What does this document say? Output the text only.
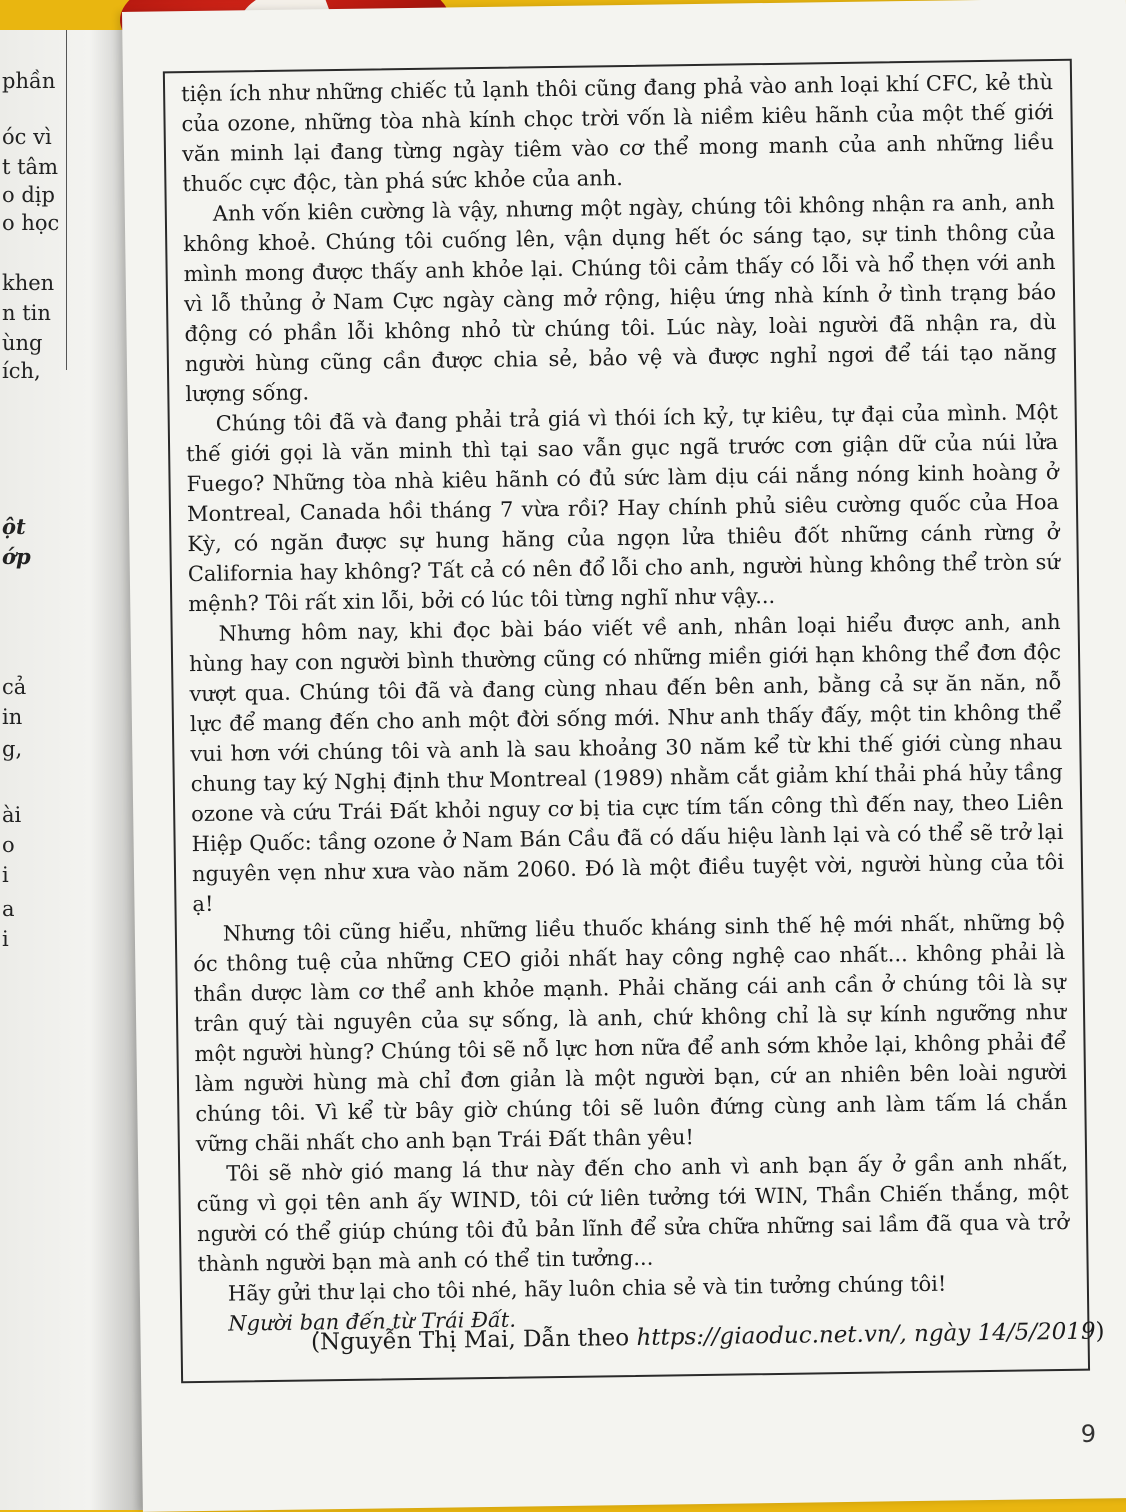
phần
óc vì
t tâm
o dịp
o học
khen
n tin
ùng
ích,
ột
ớp
cả
in
g,
ài
o
i
a
i

tiện ích như những chiếc tủ lạnh thôi cũng đang phả vào anh loại khí CFC, kẻ thù của ozone, những tòa nhà kính chọc trời vốn là niềm kiêu hãnh của một thế giới văn minh lại đang từng ngày tiêm vào cơ thể mong manh của anh những liều thuốc cực độc, tàn phá sức khỏe của anh.

Anh vốn kiên cường là vậy, nhưng một ngày, chúng tôi không nhận ra anh, anh không khoẻ. Chúng tôi cuống lên, vận dụng hết óc sáng tạo, sự tinh thông của mình mong được thấy anh khỏe lại. Chúng tôi cảm thấy có lỗi và hổ thẹn với anh vì lỗ thủng ở Nam Cực ngày càng mở rộng, hiệu ứng nhà kính ở tình trạng báo động có phần lỗi không nhỏ từ chúng tôi. Lúc này, loài người đã nhận ra, dù người hùng cũng cần được chia sẻ, bảo vệ và được nghỉ ngơi để tái tạo năng lượng sống.

Chúng tôi đã và đang phải trả giá vì thói ích kỷ, tự kiêu, tự đại của mình. Một thế giới gọi là văn minh thì tại sao vẫn gục ngã trước cơn giận dữ của núi lửa Fuego? Những tòa nhà kiêu hãnh có đủ sức làm dịu cái nắng nóng kinh hoàng ở Montreal, Canada hồi tháng 7 vừa rồi? Hay chính phủ siêu cường quốc của Hoa Kỳ, có ngăn được sự hung hăng của ngọn lửa thiêu đốt những cánh rừng ở California hay không? Tất cả có nên đổ lỗi cho anh, người hùng không thể tròn sứ mệnh? Tôi rất xin lỗi, bởi có lúc tôi từng nghĩ như vậy...

Nhưng hôm nay, khi đọc bài báo viết về anh, nhân loại hiểu được anh, anh hùng hay con người bình thường cũng có những miền giới hạn không thể đơn độc vượt qua. Chúng tôi đã và đang cùng nhau đến bên anh, bằng cả sự ăn năn, nỗ lực để mang đến cho anh một đời sống mới. Như anh thấy đấy, một tin không thể vui hơn với chúng tôi và anh là sau khoảng 30 năm kể từ khi thế giới cùng nhau chung tay ký Nghị định thư Montreal (1989) nhằm cắt giảm khí thải phá hủy tầng ozone và cứu Trái Đất khỏi nguy cơ bị tia cực tím tấn công thì đến nay, theo Liên Hiệp Quốc: tầng ozone ở Nam Bán Cầu đã có dấu hiệu lành lại và có thể sẽ trở lại nguyên vẹn như xưa vào năm 2060. Đó là một điều tuyệt vời, người hùng của tôi ạ!

Nhưng tôi cũng hiểu, những liều thuốc kháng sinh thế hệ mới nhất, những bộ óc thông tuệ của những CEO giỏi nhất hay công nghệ cao nhất... không phải là thần dược làm cơ thể anh khỏe mạnh. Phải chăng cái anh cần ở chúng tôi là sự trân quý tài nguyên của sự sống, là anh, chứ không chỉ là sự kính ngưỡng như một người hùng? Chúng tôi sẽ nỗ lực hơn nữa để anh sớm khỏe lại, không phải để làm người hùng mà chỉ đơn giản là một người bạn, cứ an nhiên bên loài người chúng tôi. Vì kể từ bây giờ chúng tôi sẽ luôn đứng cùng anh làm tấm lá chắn vững chãi nhất cho anh bạn Trái Đất thân yêu!

Tôi sẽ nhờ gió mang lá thư này đến cho anh vì anh bạn ấy ở gần anh nhất, cũng vì gọi tên anh ấy WIND, tôi cứ liên tưởng tới WIN, Thần Chiến thắng, một người có thể giúp chúng tôi đủ bản lĩnh để sửa chữa những sai lầm đã qua và trở thành người bạn mà anh có thể tin tưởng...

Hãy gửi thư lại cho tôi nhé, hãy luôn chia sẻ và tin tưởng chúng tôi!

Người bạn đến từ Trái Đất.

(Nguyễn Thị Mai, Dẫn theo https://giaoduc.net.vn/, ngày 14/5/2019)
9
